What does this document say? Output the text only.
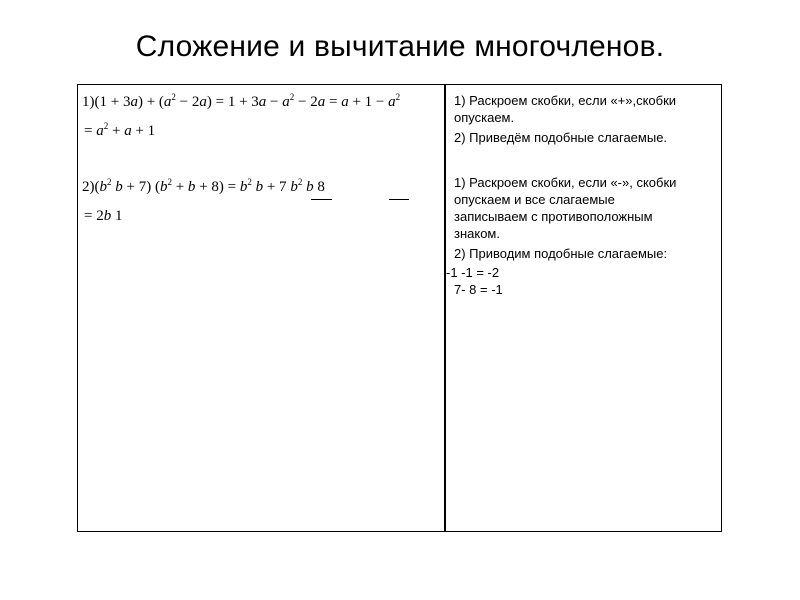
Сложение и вычитание многочленов.
$1)(1 + 3a) + (a^2 - 2a) = 1 + 3a - a^2 - 2a = a + 1 - a^2$
= $a^2 + a + 1$
$2)(b^2$ b + 7) $(b^2 + b + 8) = b^2$ b + 7 $b^2$ b 8
= 2b 1
1) Раскроем скобки, если «+»,скобки
опускаем.
2) Приведём подобные слагаемые.
1) Раскроем скобки, если «-», скобки
опускаем и все слагаемые
записываем с противоположным
знаком.
2) Приводим подобные слагаемые:
-1 -1 = -2
7- 8 = -1
